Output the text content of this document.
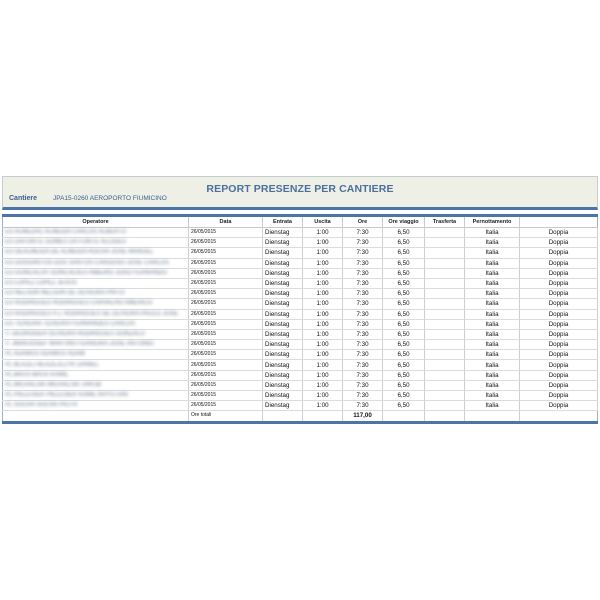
REPORT PRESENZE PER CANTIERE
Cantiere JPA15-0260 AEROPORTO FIUMICINO
Operatore	Data	Entrata	Uscita	Ore	Ore viaggio	Trasferta	Pernottamento		
ES ALMEDAC ALMEIDA CARLOS ALBERTO	26/05/2015	Dienstag	1:00	7:30	6,50		Italia	Doppia	
ES DAFONTE GOMES DA FONTE ALCIDES	26/05/2015	Dienstag	1:00	7:30	6,50		Italia	Doppia	
ES DEALMEIDA DE ALMEIDA ROCHA JOSE MANUEL	26/05/2015	Dienstag	1:00	7:30	6,50		Italia	Doppia	
ES DOSSANTOS DOS SANTOS CARDOSO JOSE CARLOS	26/05/2015	Dienstag	1:00	7:30	6,50		Italia	Doppia	
ES GONCALOV GONCALVES RIBEIRO JOAO FERNANDO	26/05/2015	Dienstag	1:00	7:30	6,50		Italia	Doppia	
ES LOPEZ LOPEZ JESUS	26/05/2015	Dienstag	1:00	7:30	6,50		Italia	Doppia	
ES NELSON NELSON DE OLIVEIRA PINTO	26/05/2015	Dienstag	1:00	7:30	6,50		Italia	Doppia	
ES RODRIGUES RODRIGUES CARVALHO AMERICO	26/05/2015	Dienstag	1:00	7:30	6,50		Italia	Doppia	
ES RODRIGUES P.J. RODRIGUES DE OLIVEIRA PAULO JOSE	26/05/2015	Dienstag	1:00	7:30	6,50		Italia	Doppia	
ES TEIXEIRA TEIXEIRA FERNANDES CARLOS	26/05/2015	Dienstag	1:00	7:30	6,50		Italia	Doppia	
IT DEOROGER OLIVEIRA RODRIGUES GONZALO	26/05/2015	Dienstag	1:00	7:30	6,50		Italia	Doppia	
IT JMARJOSEF MARTINS FERREIRA JOSE ANTONIO	26/05/2015	Dienstag	1:00	7:30	6,50		Italia	Doppia	
PL ADAMUS ADAMUS ADAM	26/05/2015	Dienstag	1:00	7:30	6,50		Italia	Doppia	
PL BLAZEJ BLAZEJCZYK DANIEL	26/05/2015	Dienstag	1:00	7:30	6,50		Italia	Doppia	
PL BRUS BRUS KAMIL	26/05/2015	Dienstag	1:00	7:30	6,50		Italia	Doppia	
PL MICHALSKI MICHALSKI JAKUB	26/05/2015	Dienstag	1:00	7:30	6,50		Italia	Doppia	
PL PIELESIEK PIELESIEK KAMIL KRYSTIAN	26/05/2015	Dienstag	1:00	7:30	6,50		Italia	Doppia	
PL SOCHA SOCHA PIOTR	26/05/2015	Dienstag	1:00	7:30	6,50		Italia	Doppia	
	Ore totali			117,00					
